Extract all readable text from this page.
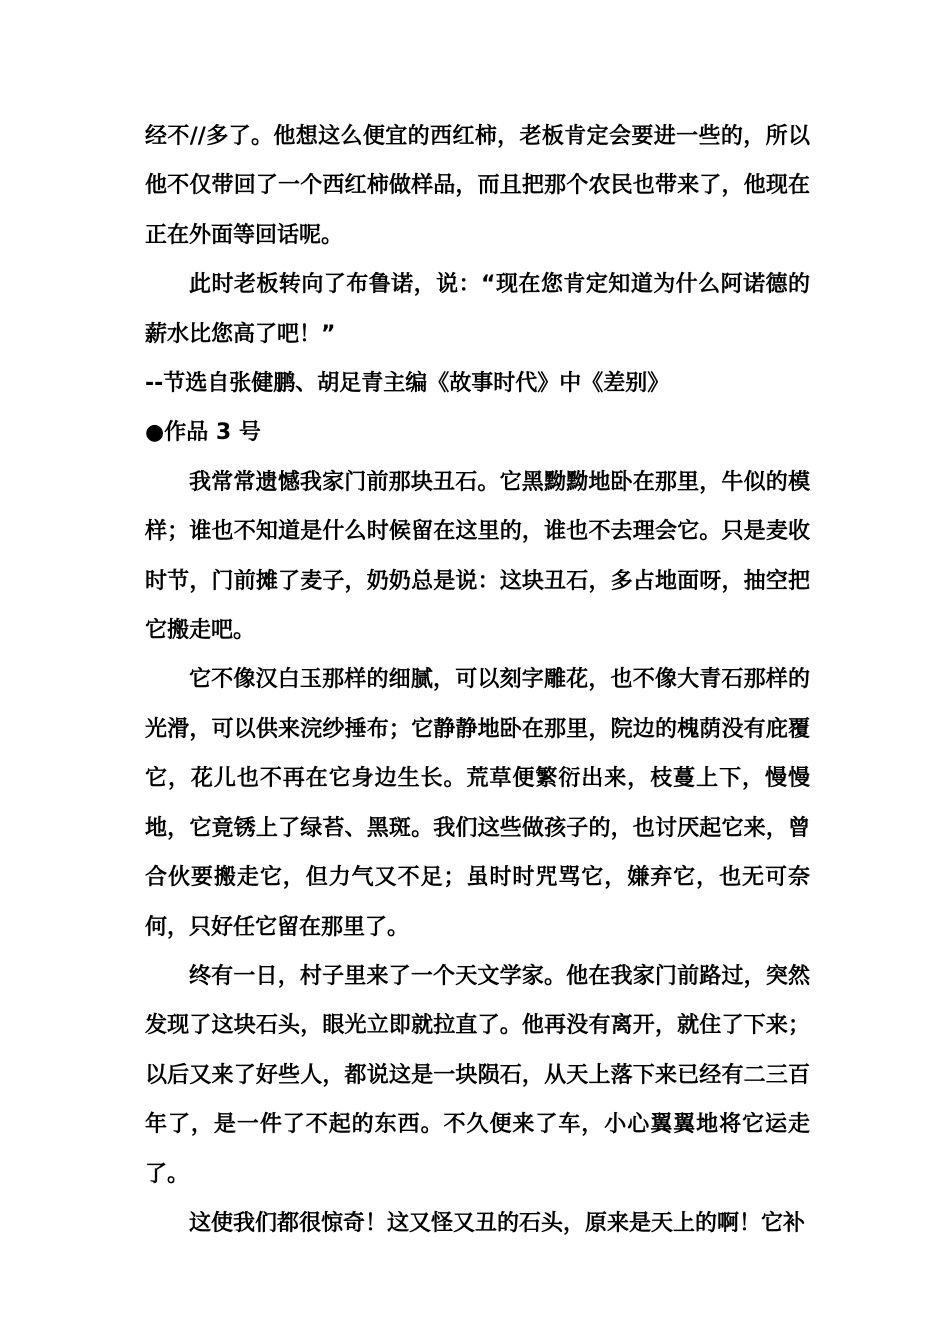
经不//多了。他想这么便宜的西红柿，老板肯定会要进一些的，所以他不仅带回了一个西红柿做样品，而且把那个农民也带来了，他现在正在外面等回话呢。

此时老板转向了布鲁诺，说：“现在您肯定知道为什么阿诺德的薪水比您高了吧！”

--节选自张健鹏、胡足青主编《故事时代》中《差别》

●作品 3 号

我常常遗憾我家门前那块丑石。它黑黝黝地卧在那里，牛似的模样；谁也不知道是什么时候留在这里的，谁也不去理会它。只是麦收时节，门前摊了麦子，奶奶总是说：这块丑石，多占地面呀，抽空把它搬走吧。

它不像汉白玉那样的细腻，可以刻字雕花，也不像大青石那样的光滑，可以供来浣纱捶布；它静静地卧在那里，院边的槐荫没有庇覆它，花儿也不再在它身边生长。荒草便繁衍出来，枝蔓上下，慢慢地，它竟锈上了绿苔、黑斑。我们这些做孩子的，也讨厌起它来，曾合伙要搬走它，但力气又不足；虽时时咒骂它，嫌弃它，也无可奈何，只好任它留在那里了。

终有一日，村子里来了一个天文学家。他在我家门前路过，突然发现了这块石头，眼光立即就拉直了。他再没有离开，就住了下来；以后又来了好些人，都说这是一块陨石，从天上落下来已经有二三百年了，是一件了不起的东西。不久便来了车，小心翼翼地将它运走了。

这使我们都很惊奇！这又怪又丑的石头，原来是天上的啊！它补
